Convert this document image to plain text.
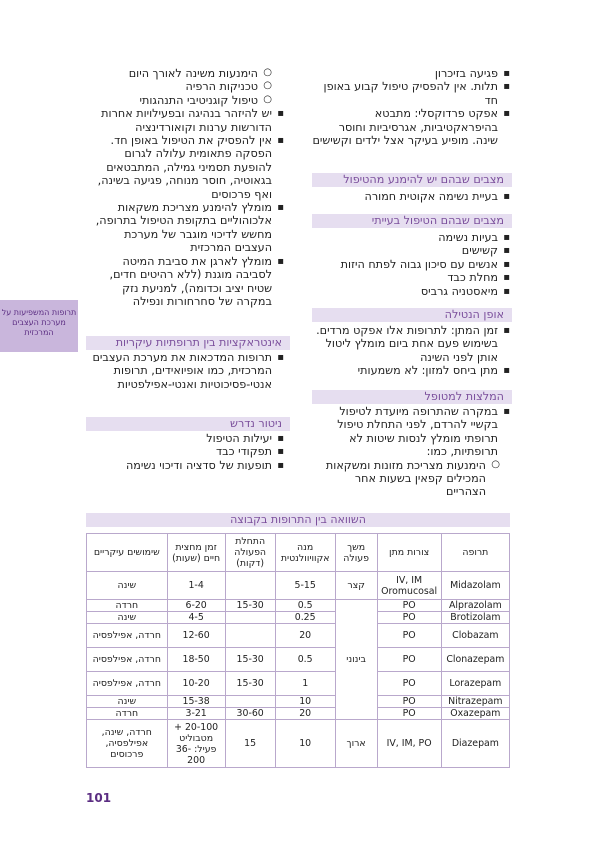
▪ פגיעה בזיכרון
▪ תלות. אין להפסיק טיפול קבוע באופן חד
▪ אפקט פרדוקסלי: מתבטא בהיפראקטיביות, אגרסיביות וחוסר שינה. מופיע בעיקר אצל ילדים וקשישים
מצבים שבהם יש להימנע מהטיפול
▪ בעיית נשימה אקוטית חמורה
מצבים שבהם הטיפול בעייתי
▪ בעיות נשימה
▪ קשישים
▪ אנשים עם סיכון גבוה לפתח היזות
▪ מחלת כבד
▪ מיאסטניה גרביס
אופן הנטילה
▪ זמן המתן: לתרופות אלו אפקט מרדים. בשימוש פעם אחת ביום מומלץ ליטול אותן לפני השינה
▪ מתן ביחס למזון: לא משמעותי
המלצות למטופל
▪ במקרה שהתרופה מיועדת לטיפול בקשיי להרדם, לפני התחלת טיפול תרופתי מומלץ לנסות שיטות לא תרופתיות, כמו:
○ הימנעות מצריכת מזונות ומשקאות המכילים קפאין בשעות אחר הצהריים
○ הימנעות משינה לאורך היום
○ טכניקות הרפיה
○ טיפול קוגניטיבי התנהגותי
▪ יש להיזהר בנהיגה ובפעילויות אחרות הדורשות ערנות וקואורדינציה
▪ אין להפסיק את הטיפול באופן חד. הפסקה פתאומית עלולה לגרום להופעת תסמיני גמילה, המתבטאים בגאוטיה, חוסר מנוחה, פגיעה בשינה, ואף פרכוסים
▪ מומלץ להימנע מצריכת משקאות אלכוהוליים בתקופת הטיפול בתרופה, מחשש לדיכוי מוגבר של מערכת העצבים המרכזית
▪ מומלץ לארגן את סביבת המיטה לסביבה מוגנת (ללא רהיטים חדים, שטיח יציב וכדומה), למניעת נזק במקרה של סחרחורות ונפילה
אינטראקציות בין תרופתיות עיקריות
▪ תרופות המדכאות את מערכת העצבים המרכזית, כמו אופיואידים, תרופות אנטי-פסיכוטיות ואנטי-אפילפטיות
ניטור נדרש
▪ יעילות הטיפול
▪ תפקודי כבד
▪ תופעות של סדציה ודיכוי נשימה
תרופות המשפיעות על מערכת העצבים המרכזית
השוואה בין התרופות בקבוצה
תרופה	צורות מתן	משך פעולה	מנה אקוויוולנטית	התחלת הפעולה (דקות)	זמן מחצית חיים (שעות)	שימושים עיקריים
Midazolam	IV, IM Oromucosal	קצר	5-15		1-4	שינה
Alprazolam	PO	בינוני	0.5	15-30	6-20	חרדה
Brotizolam	PO		0.25		4-5	שינה
Clobazam	PO		20		12-60	חרדה, אפילפסיה
Clonazepam	PO		0.5	15-30	18-50	חרדה, אפילפסיה
Lorazepam	PO		1	15-30	10-20	חרדה, אפילפסיה
Nitrazepam	PO		10		15-38	שינה
Oxazepam	PO		20	30-60	3-21	חרדה
Diazepam	IV, IM, PO	ארוך	10	15	20-100 + מטבוליט פעיל: 36-200	חרדה, שינה, אפילפסיה, פרכוסים
101
